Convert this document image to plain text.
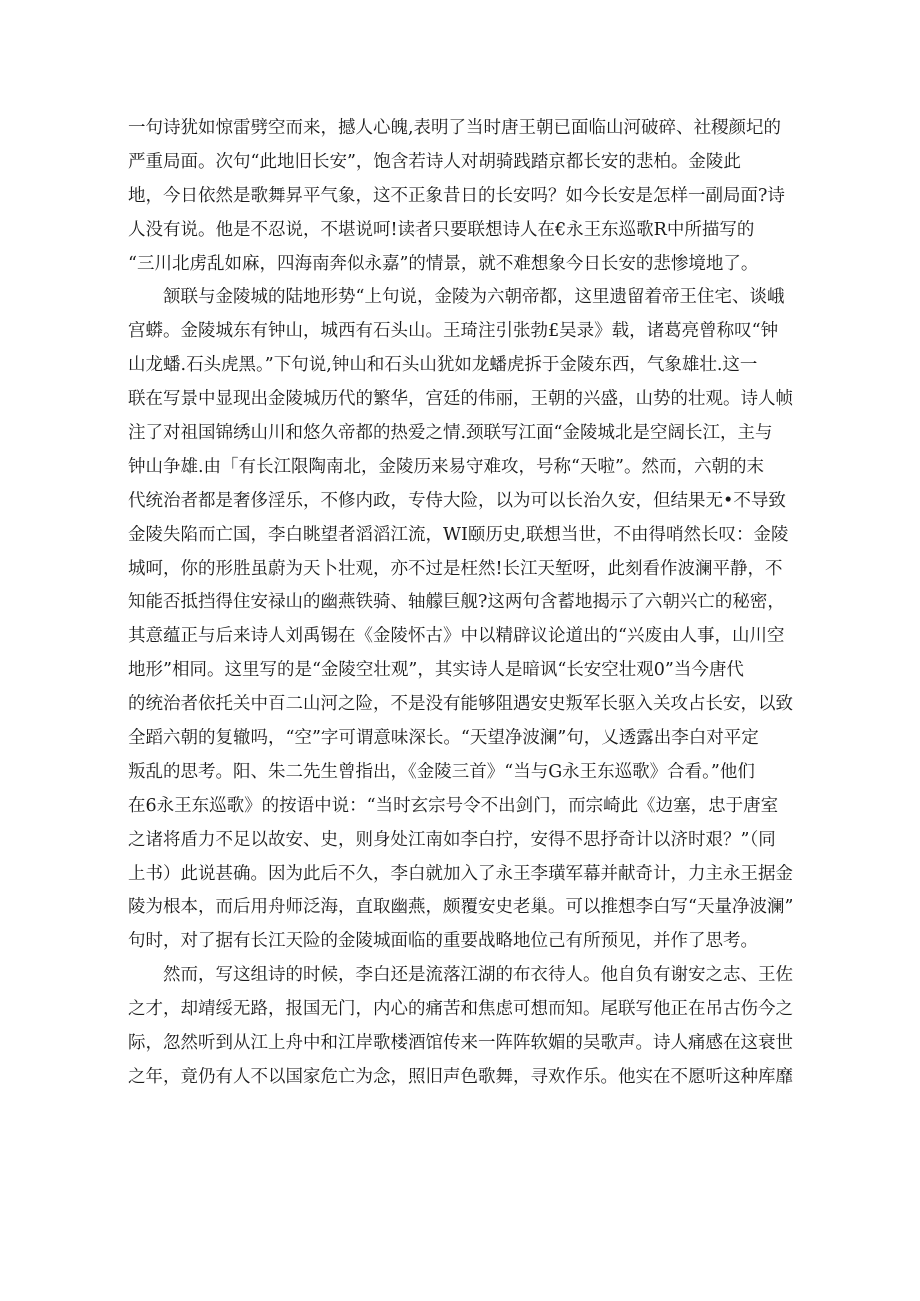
一句诗犹如惊雷劈空而来，撼人心魄,表明了当时唐王朝已面临山河破碎、社稷颜圮的
严重局面。次句“此地旧长安”，饱含若诗人对胡骑践踏京都长安的悲柏。金陵此
地，今日依然是歌舞昇平气象，这不正象昔日的长安吗？如今长安是怎样一副局面?诗
人没有说。他是不忍说，不堪说呵!读者只要联想诗人在€永王东巡歌R中所描写的
“三川北虏乱如麻，四海南奔似永嘉”的情景，就不难想象今日长安的悲惨境地了。
颔联与金陵城的陆地形势“上句说，金陵为六朝帝都，这里遗留着帝王住宅、谈峨
宫蟒。金陵城东有钟山，城西有石头山。王琦注引张勃£吴录》载，诸葛亮曾称叹“钟
山龙蟠.石头虎黑。”下句说,钟山和石头山犹如龙蟠虎拆于金陵东西，气象雄壮.这一
联在写景中显现出金陵城历代的繁华，宫廷的伟丽，王朝的兴盛，山势的壮观。诗人帧
注了对祖国锦绣山川和悠久帝都的热爱之情.颈联写江面“金陵城北是空阔长江，主与
钟山争雄.由「有长江限陶南北，金陵历来易守难攻，号称“天啦”。然而，六朝的末
代统治者都是奢侈淫乐，不修内政，专侍大险，以为可以长治久安，但结果无•不导致
金陵失陷而亡国，李白眺望者滔滔江流，WI颐历史,联想当世，不由得哨然长叹：金陵
城呵，你的形胜虽蔚为天卜壮观，亦不过是枉然!长江天堑呀，此刻看作波澜平静，不
知能否抵挡得住安禄山的幽燕铁骑、轴艨巨舰?这两句含蓄地揭示了六朝兴亡的秘密，
其意蕴正与后来诗人刘禹锡在《金陵怀古》中以精辟议论道出的“兴废由人事，山川空
地形”相同。这里写的是“金陵空壮观”，其实诗人是暗讽“长安空壮观0”当今唐代
的统治者依托关中百二山河之险，不是没有能够阻遇安史叛军长驱入关攻占长安，以致
全蹈六朝的复辙吗，“空”字可谓意味深长。“天望净波澜”句，乂透露出李白对平定
叛乱的思考。阳、朱二先生曾指出，《金陵三首》“当与G永王东巡歌》合看。”他们
在6永王东巡歌》的按语中说：“当时玄宗号令不出剑门，而宗崎此《边塞，忠于唐室
之诸将盾力不足以故安、史，则身处江南如李白拧，安得不思抒奇计以济时艰？”（同
上书）此说甚确。因为此后不久，李白就加入了永王李璜军幕并献奇计，力主永王据金
陵为根本，而后用舟师泛海，直取幽燕，颇覆安史老巢。可以推想李白写“天量净波澜”
句时，对了据有长江天险的金陵城面临的重要战略地位己有所预见，并作了思考。
然而，写这组诗的时候，李白还是流落江湖的布衣待人。他自负有谢安之志、王佐
之才，却靖绥无路，报国无门，内心的痛苦和焦虑可想而知。尾联写他正在吊古伤今之
际，忽然听到从江上舟中和江岸歌楼酒馆传来一阵阵软媚的吴歌声。诗人痛感在这衰世
之年，竟仍有人不以国家危亡为念，照旧声色歌舞，寻欢作乐。他实在不愿听这种库靡
